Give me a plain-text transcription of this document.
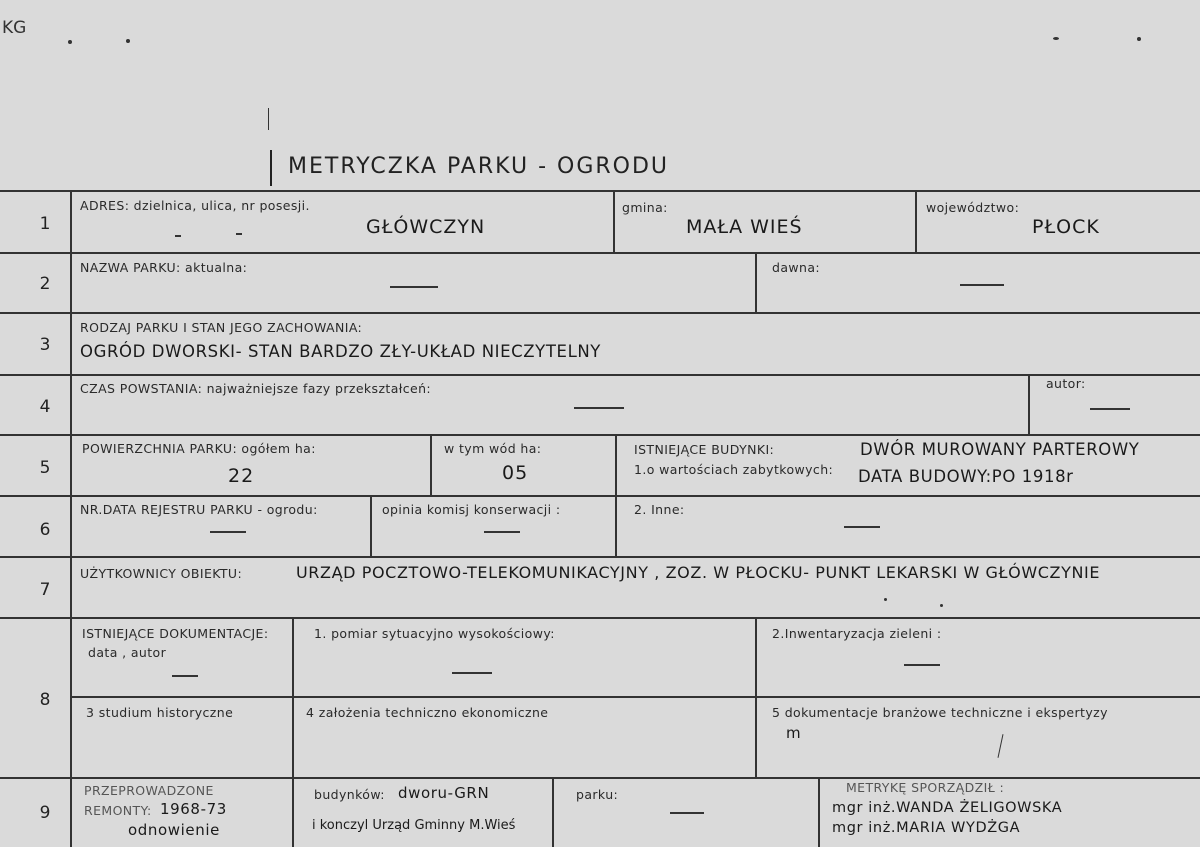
KG
METRYCZKA PARKU - OGRODU
1
ADRES: dzielnica, ulica, nr posesji.
GŁÓWCZYN
gmina:
MAŁA WIEŚ
województwo:
PŁOCK
2
NAZWA PARKU: aktualna:	dawna:
3
RODZAJ PARKU I STAN JEGO ZACHOWANIA:
OGRÓD DWORSKI- STAN BARDZO ZŁY-UKŁAD NIECZYTELNY
4
CZAS POWSTANIA: najważniejsze fazy przekształceń:	autor:
5
POWIERZCHNIA PARKU: ogółem ha:
22
w tym wód ha:
05
ISTNIEJĄCE BUDYNKI:
1.o wartościach zabytkowych:
DWÓR MUROWANY PARTEROWY
DATA BUDOWY:PO 1918r
6
NR.DATA REJESTRU PARKU - ogrodu:	opinia komisj konserwacji :	2. Inne:
7
UŻYTKOWNICY OBIEKTU:	URZĄD POCZTOWO-TELEKOMUNIKACYJNY , ZOZ. W PŁOCKU- PUNKT LEKARSKI W GŁÓWCZYNIE
8
ISTNIEJĄCE DOKUMENTACJE:
data , autor
1. pomiar sytuacyjno wysokościowy:	2.Inwentaryzacja zieleni :
3 studium historyczne	4 założenia techniczno ekonomiczne	5 dokumentacje branżowe techniczne i ekspertyzy
m
9
PRZEPROWADZONE
REMONTY: 1968-73
odnowienie
budynków: dworu-GRN
i konczyl Urząd Gminny M.Wieś
parku:	METRYKĘ SPORZĄDZIŁ :
mgr inż.WANDA ŻELIGOWSKA
mgr inż.MARIA WYDŻGA
